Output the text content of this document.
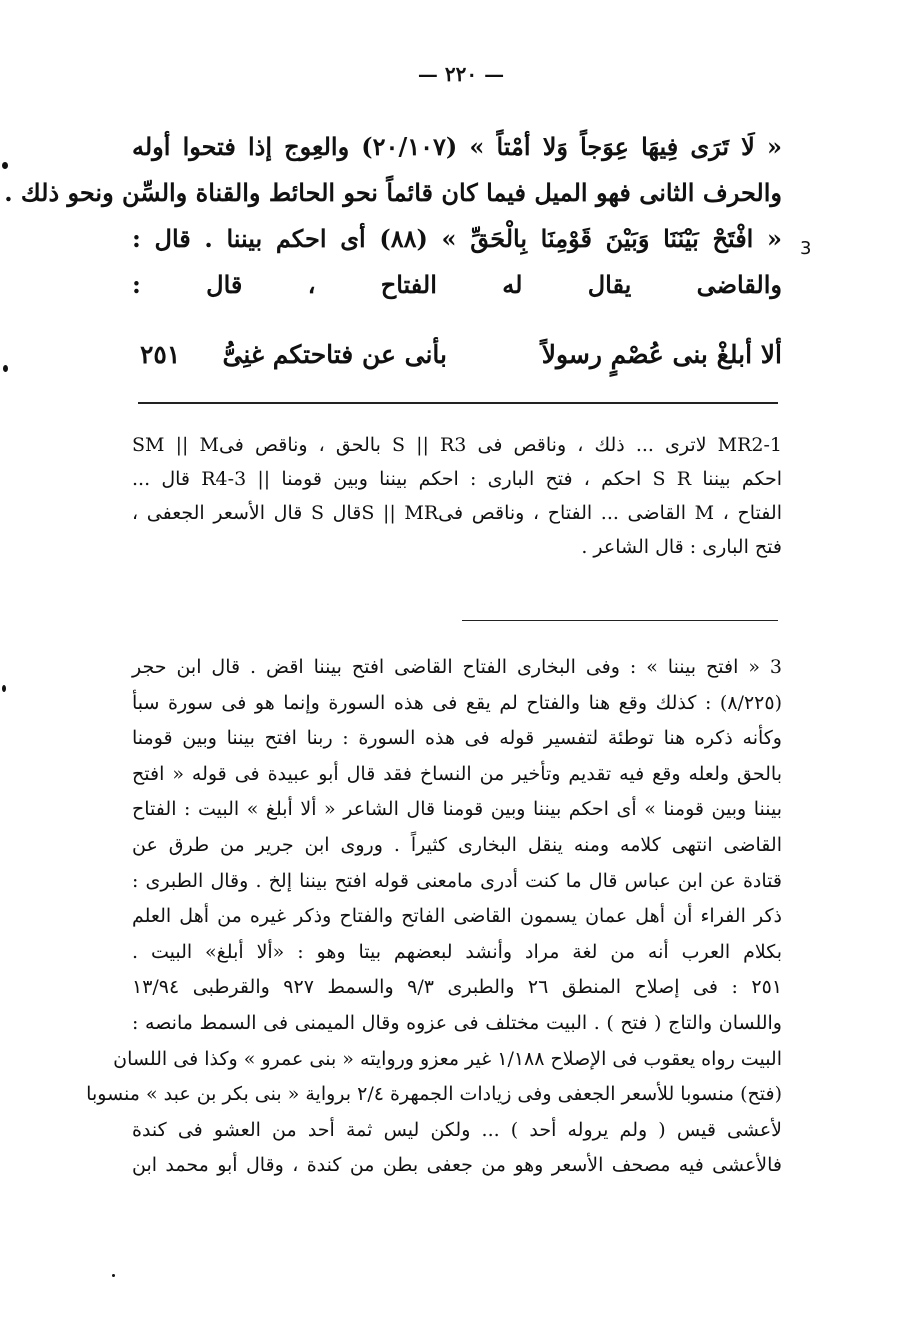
— ٢٢٠ —
3
« لَا تَرَى فِيهَا عِوَجاً وَلا أمْتاً » (٢٠/١٠٧) والعِوج إذا فتحوا أوله
والحرف الثانى فهو الميل فيما كان قائماً نحو الحائط والقناة والسِّن ونحو ذلك .
« افْتَحْ بَيْنَنَا وَبَيْنَ قَوْمِنَا بِالْحَقِّ » (٨٨) أى احكم بيننا . قال :
والقاضى يقال له الفتاح ، قال :
ألا أبلغْ بنى عُصْمٍ رسولاً
بأنى عن فتاحتكم غنِىُّ
٢٥١
MR2-1 لاترى ... ذلك ، وناقص فى S || R3 بالحق ، وناقص فىSM || M
احكم بيننا S R احكم ، فتح البارى : احكم بيننا وبين قومنا || R4-3 قال ...
الفتاح ، M القاضى ... الفتاح ، وناقص فىS || MRقال S قال الأسعر الجعفى ،
فتح البارى : قال الشاعر .
3 « افتح بيننا » : وفى البخارى الفتاح القاضى افتح بيننا اقض . قال ابن حجر
(٨/٢٢٥) : كذلك وقع هنا والفتاح لم يقع فى هذه السورة وإنما هو فى سورة سبأ
وكأنه ذكره هنا توطئة لتفسير قوله فى هذه السورة : ربنا افتح بيننا وبين قومنا
بالحق ولعله وقع فيه تقديم وتأخير من النساخ فقد قال أبو عبيدة فى قوله « افتح
بيننا وبين قومنا » أى احكم بيننا وبين قومنا قال الشاعر « ألا أبلغ » البيت : الفتاح
القاضى انتهى كلامه ومنه ينقل البخارى كثيراً . وروى ابن جرير من طرق عن
قتادة عن ابن عباس قال ما كنت أدرى مامعنى قوله افتح بيننا إلخ . وقال الطبرى :
ذكر الفراء أن أهل عمان يسمون القاضى الفاتح والفتاح وذكر غيره من أهل العلم
بكلام العرب أنه من لغة مراد وأنشد لبعضهم بيتا وهو : «ألا أبلغ» البيت .
٢٥١ : فى إصلاح المنطق ٢٦ والطبرى ٩/٣ والسمط ٩٢٧ والقرطبى ١٣/٩٤
واللسان والتاج ( فتح ) . البيت مختلف فى عزوه وقال الميمنى فى السمط مانصه :
البيت رواه يعقوب فى الإصلاح ١/١٨٨ غير معزو وروايته « بنى عمرو » وكذا فى اللسان
(فتح) منسوبا للأسعر الجعفى وفى زيادات الجمهرة ٢/٤ برواية « بنى بكر بن عبد » منسوبا
لأعشى قيس ( ولم يروله أحد ) ... ولكن ليس ثمة أحد من العشو فى كندة
فالأعشى فيه مصحف الأسعر وهو من جعفى بطن من كندة ، وقال أبو محمد ابن
